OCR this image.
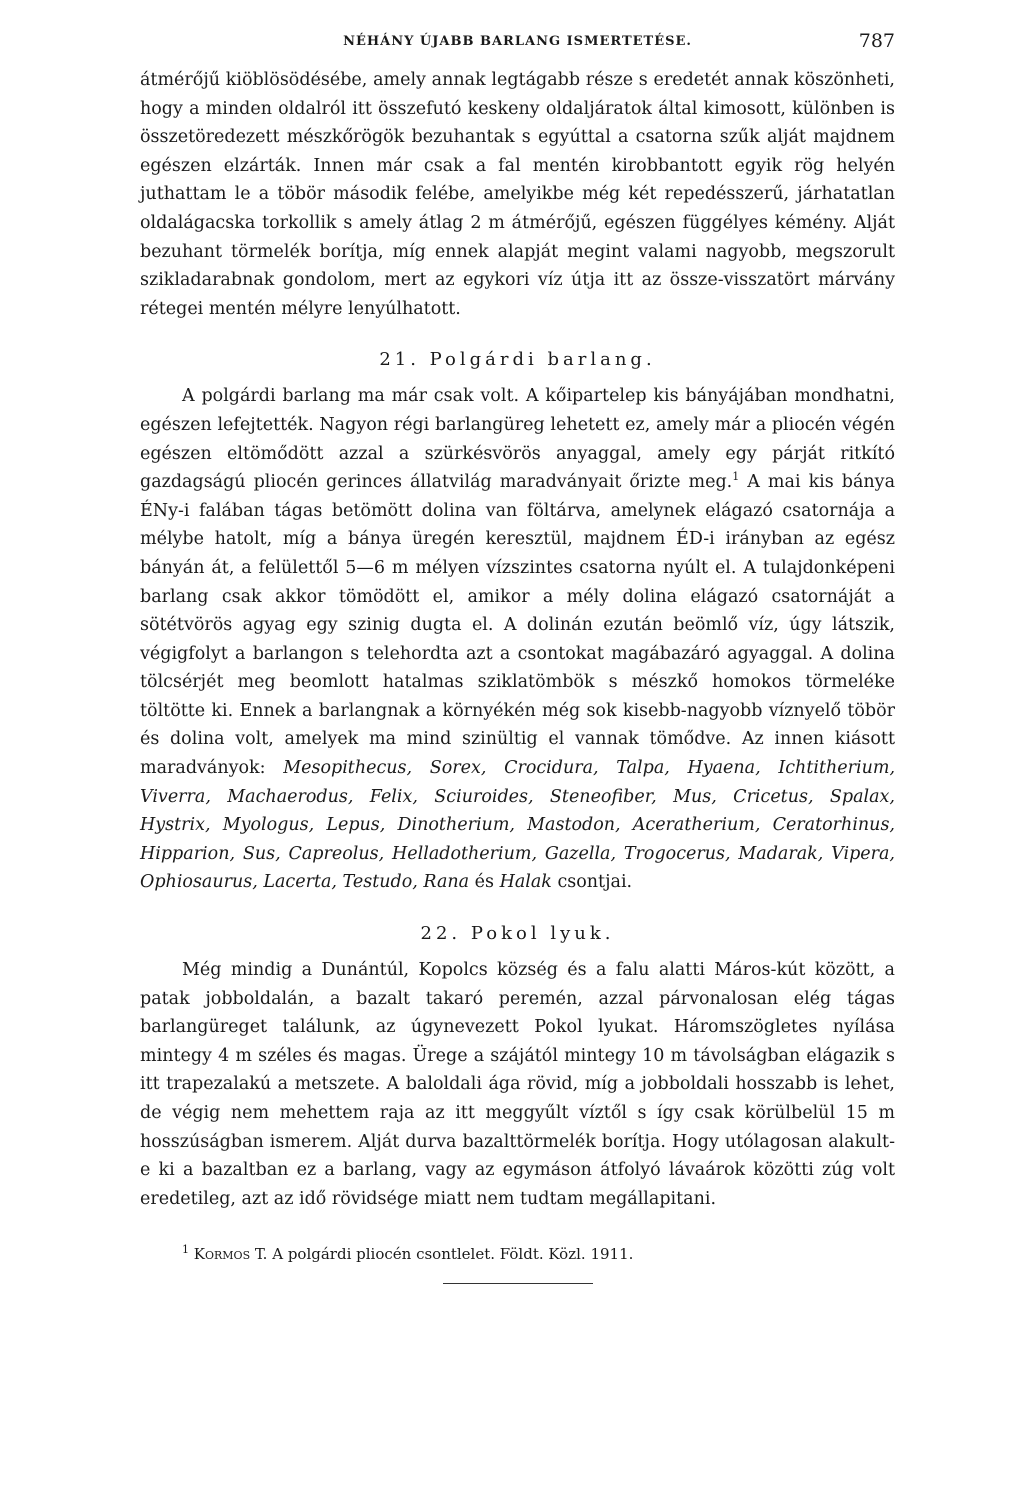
NÉHÁNY ÚJABB BARLANG ISMERTETÉSE.	787

átmérőjű kiöblösödésébe, amely annak legtágabb része s eredetét annak köszönheti, hogy a minden oldalról itt összefutó keskeny oldaljáratok által kimosott, különben is összetöredezett mészkőrögök bezuhantak s egyúttal a csatorna szűk alját majdnem egészen elzárták. Innen már csak a fal mentén kirobbantott egyik rög helyén juthattam le a töbör második felébe, amelyikbe még két repedésszerű, járhatatlan oldalágacska torkollik s amely átlag 2 m átmérőjű, egészen függélyes kémény. Alját bezuhant törmelék borítja, míg ennek alapját megint valami nagyobb, megszorult szikladarabnak gondolom, mert az egykori víz útja itt az össze-visszatört márvány rétegei mentén mélyre lenyúlhatott.

21. Polgárdi barlang.

A polgárdi barlang ma már csak volt. A kőipartelep kis bányájában mondhatni, egészen lefejtették. Nagyon régi barlangüreg lehetett ez, amely már a pliocén végén egészen eltömődött azzal a szürkésvörös anyaggal, amely egy párját ritkító gazdagságú pliocén gerinces állatvilág maradványait őrizte meg.$^1$ A mai kis bánya ÉNy-i falában tágas betömött dolina van föltárva, amelynek elágazó csatornája a mélybe hatolt, míg a bánya üregén keresztül, majdnem ÉD-i irányban az egész bányán át, a felülettől 5—6 m mélyen vízszintes csatorna nyúlt el. A tulajdonképeni barlang csak akkor tömödött el, amikor a mély dolina elágazó csatornáját a sötétvörös agyag egy szinig dugta el. A dolinán ezután beömlő víz, úgy látszik, végigfolyt a barlangon s telehordta azt a csontokat magábazáró agyaggal. A dolina tölcsérjét meg beomlott hatalmas sziklatömbök s mészkő homokos törmeléke töltötte ki. Ennek a barlangnak a környékén még sok kisebb-nagyobb víznyelő töbör és dolina volt, amelyek ma mind szinültig el vannak tömődve. Az innen kiásott maradványok: Mesopithecus, Sorex, Crocidura, Talpa, Hyaena, Ichtitherium, Viverra, Machaerodus, Felix, Sciuroides, Steneofiber, Mus, Cricetus, Spalax, Hystrix, Myologus, Lepus, Dinotherium, Mastodon, Aceratherium, Ceratorhinus, Hipparion, Sus, Capreolus, Helladotherium, Gazella, Trogocerus, Madarak, Vipera, Ophiosaurus, Lacerta, Testudo, Rana és Halak csontjai.

22. Pokol lyuk.

Még mindig a Dunántúl, Kopolcs község és a falu alatti Máros-kút között, a patak jobboldalán, a bazalt takaró peremén, azzal párvonalosan elég tágas barlangüreget találunk, az úgynevezett Pokol lyukat. Háromszögletes nyílása mintegy 4 m széles és magas. Ürege a szájától mintegy 10 m távolságban elágazik s itt trapezalakú a metszete. A baloldali ága rövid, míg a jobboldali hosszabb is lehet, de végig nem mehettem raja az itt meggyűlt víztől s így csak körülbelül 15 m hosszúságban ismerem. Alját durva bazalttörmelék borítja. Hogy utólagosan alakult-e ki a bazaltban ez a barlang, vagy az egymáson átfolyó lávaárok közötti zúg volt eredetileg, azt az idő rövidsége miatt nem tudtam megállapitani.

$^1$ Kormos T. A polgárdi pliocén csontlelet. Földt. Közl. 1911.
